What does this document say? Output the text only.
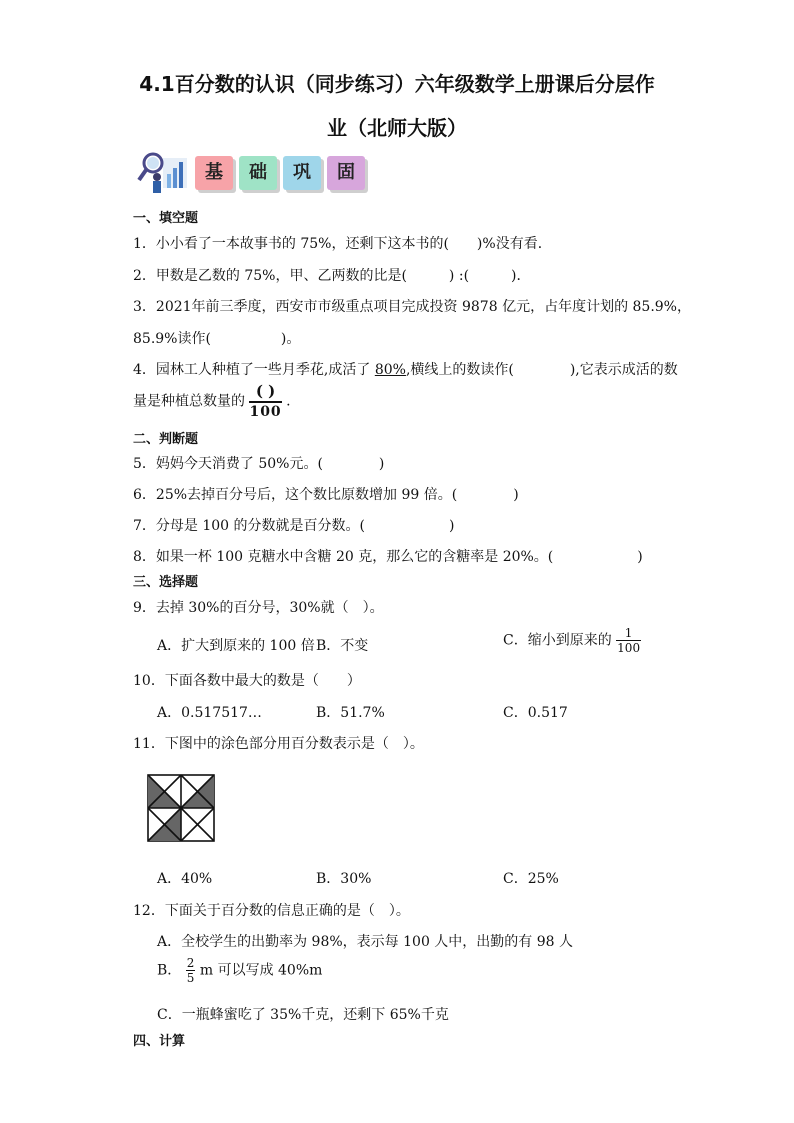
4.1百分数的认识（同步练习）六年级数学上册课后分层作
业（北师大版）
基	础	巩	固
一、填空题
1．小小看了一本故事书的 75%，还剩下这本书的(　　)%没有看．
2．甲数是乙数的 75%，甲、乙两数的比是(　　　) :(　　　)．
3．2021年前三季度，西安市市级重点项目完成投资 9878 亿元，占年度计划的 85.9%，
85.9%读作(　　　　　)。
4．园林工人种植了一些月季花,成活了 80%,横线上的数读作(　　　　),它表示成活的数
量是种植总数量的 $\frac{( )}{100}$ .
二、判断题
5．妈妈今天消费了 50%元。(　　　　)
6．25%去掉百分号后，这个数比原数增加 99 倍。(　　　　)
7．分母是 100 的分数就是百分数。(　　　　　　)
8．如果一杯 100 克糖水中含糖 20 克，那么它的含糖率是 20%。(　　　　　　)
三、选择题
9．去掉 30%的百分号，30%就（　）。
A．扩大到原来的 100 倍 B．不变	C．缩小到原来的 $\frac{1}{100}$
10．下面各数中最大的数是（　　）
A．0.517517…	B．51.7%	C．0.517
11．下图中的涂色部分用百分数表示是（　）。
A．40%	B．30%	C．25%
12．下面关于百分数的信息正确的是（　）。
A．全校学生的出勤率为 98%，表示每 100 人中，出勤的有 98 人
B． $\frac{2}{5}$ m 可以写成 40%m
C．一瓶蜂蜜吃了 35%千克，还剩下 65%千克
四、计算
